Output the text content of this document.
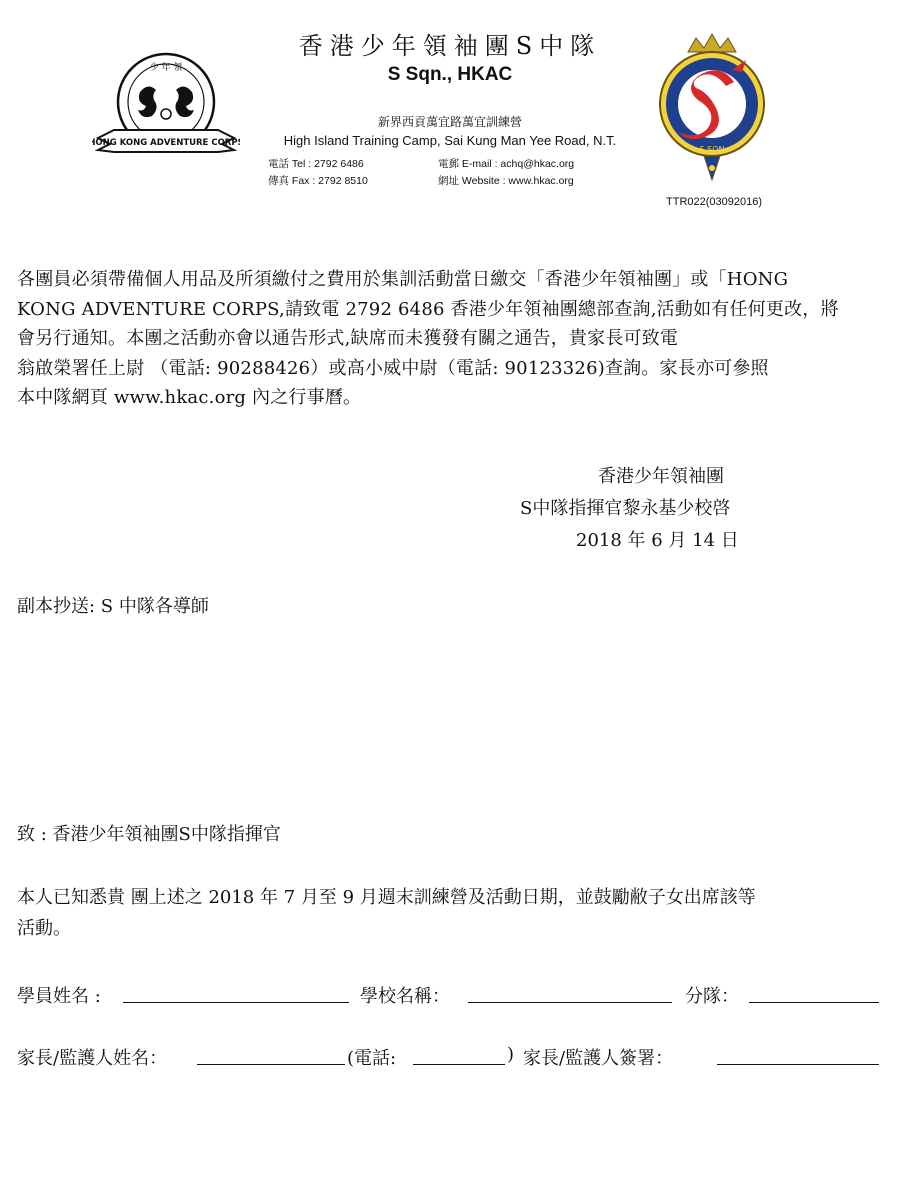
少 年 領
HONG KONG ADVENTURE CORPS
香港少年領袖團S中隊
S Sqn., HKAC
新界西貢萬宜路萬宜訓練營
High Island Training Camp, Sai Kung Man Yee Road, N.T.
電話 Tel : 2792 6486
傳真 Fax : 2792 8510
電郵 E-mail : achq@hkac.org
網址 Website : www.hkac.org
S SQN
TTR022(03092016)
各團員必須帶備個人用品及所須繳付之費用於集訓活動當日繳交「香港少年領袖團」或「HONG
KONG ADVENTURE CORPS,請致電 2792 6486 香港少年領袖團總部查詢,活動如有任何更改，將
會另行通知。本團之活動亦會以通告形式,缺席而未獲發有關之通告，貴家長可致電
翁啟榮署任上尉 （電話: 90288426）或高小威中尉（電話: 90123326)查詢。家長亦可參照
本中隊網頁 www.hkac.org 內之行事曆。
香港少年領袖團
S中隊指揮官黎永基少校啓
2018 年 6 月 14 日
副本抄送: S 中隊各導師
致 : 香港少年領袖團S中隊指揮官
本人已知悉貴 團上述之 2018 年 7 月至 9 月週末訓練營及活動日期，並鼓勵敝子女出席該等
活動。
學員姓名 :	學校名稱：	分隊：
家長/監護人姓名：	(電話:	) 家長/監護人簽署：
